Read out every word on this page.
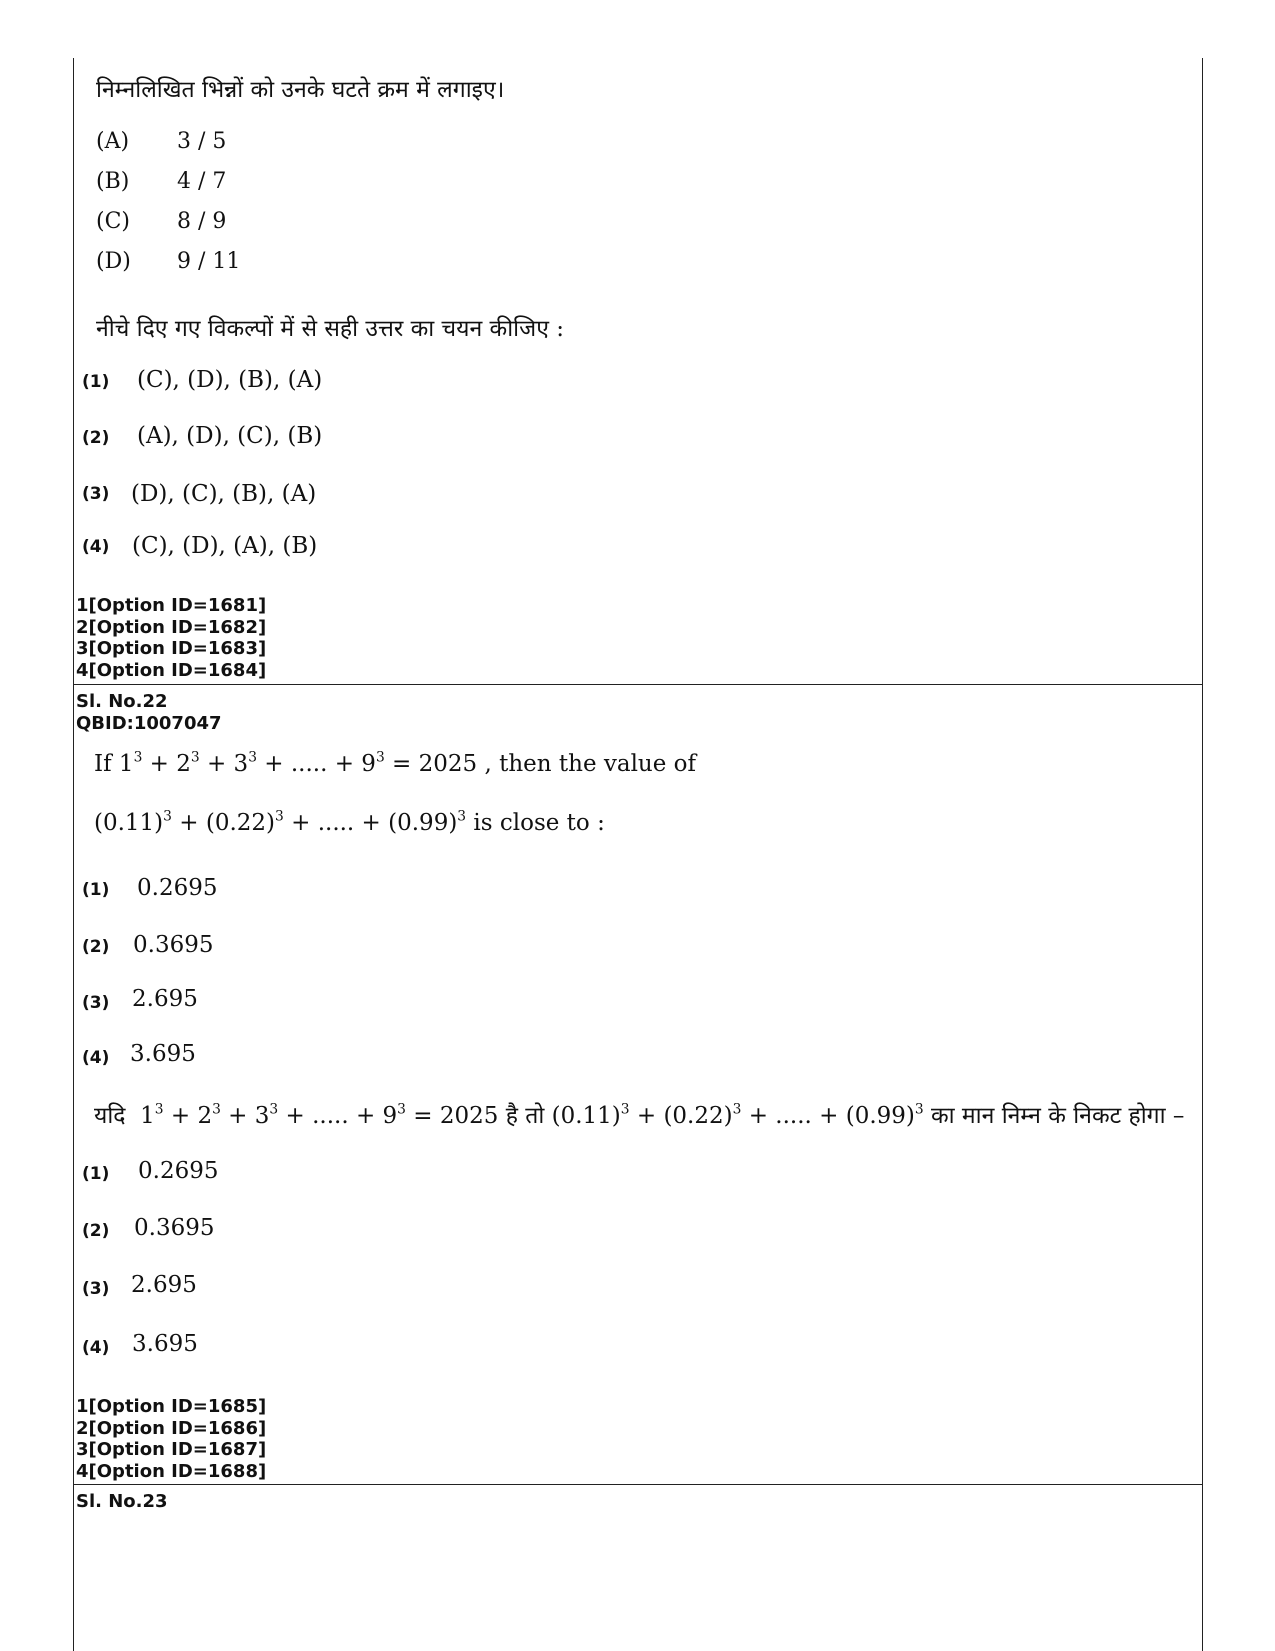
निम्नलिखित भिन्नों को उनके घटते क्रम में लगाइए।
(A) 3 / 5
(B) 4 / 7
(C) 8 / 9
(D) 9 / 11
नीचे दिए गए विकल्पों में से सही उत्तर का चयन कीजिए :
(1) (C), (D), (B), (A)
(2) (A), (D), (C), (B)
(3) (D), (C), (B), (A)
(4) (C), (D), (A), (B)
1[Option ID=1681]
2[Option ID=1682]
3[Option ID=1683]
4[Option ID=1684]
Sl. No.22
QBID:1007047
If $1^3 + 2^3 + 3^3$ + ..... + $9^3 = 2025$ , then the value of
$(0.11)^3 + (0.22)^3$ + ..... + $(0.99)^3$ is close to :
(1) 0.2695
(2) 0.3695
(3) 2.695
(4) 3.695
यदि  $1^3 + 2^3 + 3^3$ + ..... + $9^3 = 2025$ है तो $(0.11)^3 + (0.22)^3$ + ..... + $(0.99)^3$ का मान निम्न के निकट होगा –
(1) 0.2695
(2) 0.3695
(3) 2.695
(4) 3.695
1[Option ID=1685]
2[Option ID=1686]
3[Option ID=1687]
4[Option ID=1688]
Sl. No.23
